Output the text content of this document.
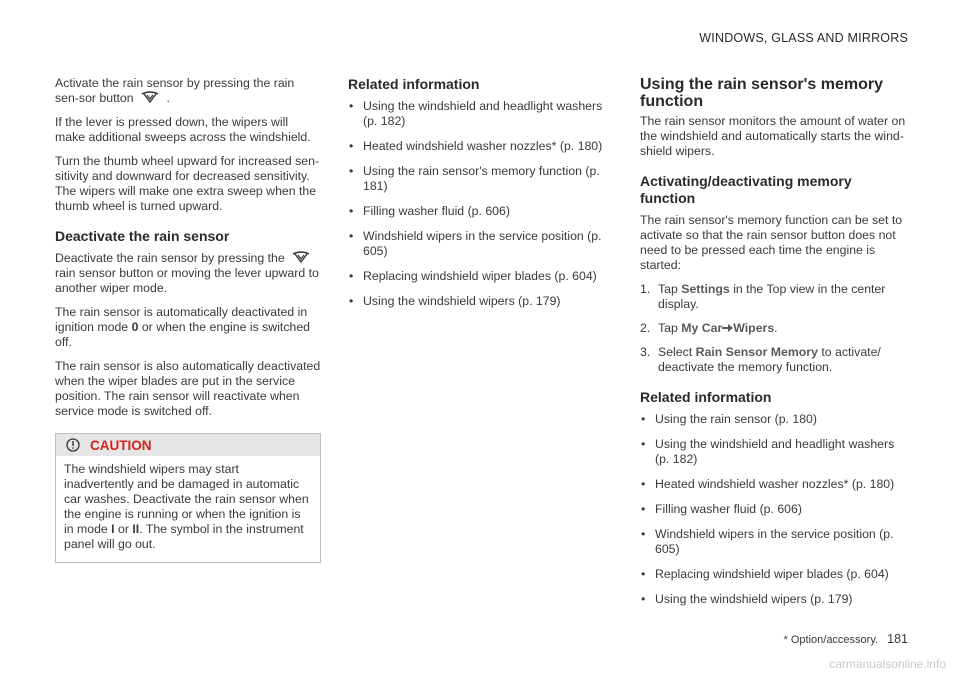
WINDOWS, GLASS AND MIRRORS

Activate the rain sensor by pressing the rain sen-sor button	.

If the lever is pressed down, the wipers will make additional sweeps across the windshield.

Turn the thumb wheel upward for increased sen-sitivity and downward for decreased sensitivity. The wipers will make one extra sweep when the thumb wheel is turned upward.

Deactivate the rain sensor

Deactivate the rain sensor by pressing the  rain sensor button or moving the lever upward to another wiper mode.

The rain sensor is automatically deactivated in ignition mode 0 or when the engine is switched off.

The rain sensor is also automatically deactivated when the wiper blades are put in the service position. The rain sensor will reactivate when service mode is switched off.

CAUTION
The windshield wipers may start inadvertently and be damaged in automatic car washes. Deactivate the rain sensor when the engine is running or when the ignition is in mode I or II. The symbol in the instrument panel will go out.
Related information
• Using the windshield and headlight washers (p. 182)
• Heated windshield washer nozzles* (p. 180)
• Using the rain sensor's memory function (p. 181)
• Filling washer fluid (p. 606)
• Windshield wipers in the service position (p. 605)
• Replacing windshield wiper blades (p. 604)
• Using the windshield wipers (p. 179)
Using the rain sensor's memory function

The rain sensor monitors the amount of water on the windshield and automatically starts the wind-shield wipers.

Activating/deactivating memory function

The rain sensor's memory function can be set to activate so that the rain sensor button does not need to be pressed each time the engine is started:

1. Tap Settings in the Top view in the center display.
2. Tap My Car Wipers.
3. Select Rain Sensor Memory to activate/ deactivate the memory function.
Related information
• Using the rain sensor (p. 180)
• Using the windshield and headlight washers (p. 182)
• Heated windshield washer nozzles* (p. 180)
• Filling washer fluid (p. 606)
• Windshield wipers in the service position (p. 605)
• Replacing windshield wiper blades (p. 604)
• Using the windshield wipers (p. 179)
* Option/accessory. 181
carmanualsonline.info
